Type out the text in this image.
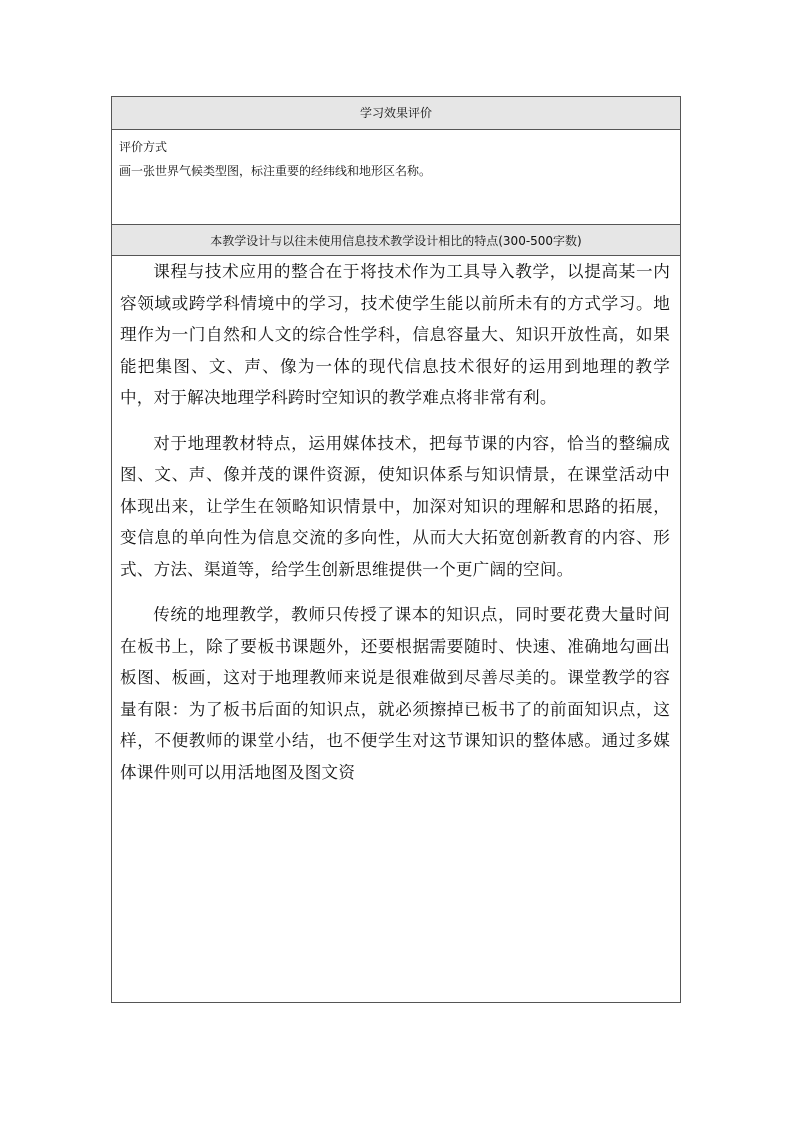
学习效果评价
评价方式
画一张世界气候类型图，标注重要的经纬线和地形区名称。
本教学设计与以往未使用信息技术教学设计相比的特点(300-500字数)

课程与技术应用的整合在于将技术作为工具导入教学，以提高某一内容领域或跨学科情境中的学习，技术使学生能以前所未有的方式学习。地理作为一门自然和人文的综合性学科，信息容量大、知识开放性高，如果能把集图、文、声、像为一体的现代信息技术很好的运用到地理的教学中，对于解决地理学科跨时空知识的教学难点将非常有利。

对于地理教材特点，运用媒体技术，把每节课的内容，恰当的整编成图、文、声、像并茂的课件资源，使知识体系与知识情景，在课堂活动中体现出来，让学生在领略知识情景中，加深对知识的理解和思路的拓展，变信息的单向性为信息交流的多向性，从而大大拓宽创新教育的内容、形式、方法、渠道等，给学生创新思维提供一个更广阔的空间。

传统的地理教学，教师只传授了课本的知识点，同时要花费大量时间在板书上，除了要板书课题外，还要根据需要随时、快速、准确地勾画出板图、板画，这对于地理教师来说是很难做到尽善尽美的。课堂教学的容量有限：为了板书后面的知识点，就必须擦掉已板书了的前面知识点，这样，不便教师的课堂小结，也不便学生对这节课知识的整体感。通过多媒体课件则可以用活地图及图文资
